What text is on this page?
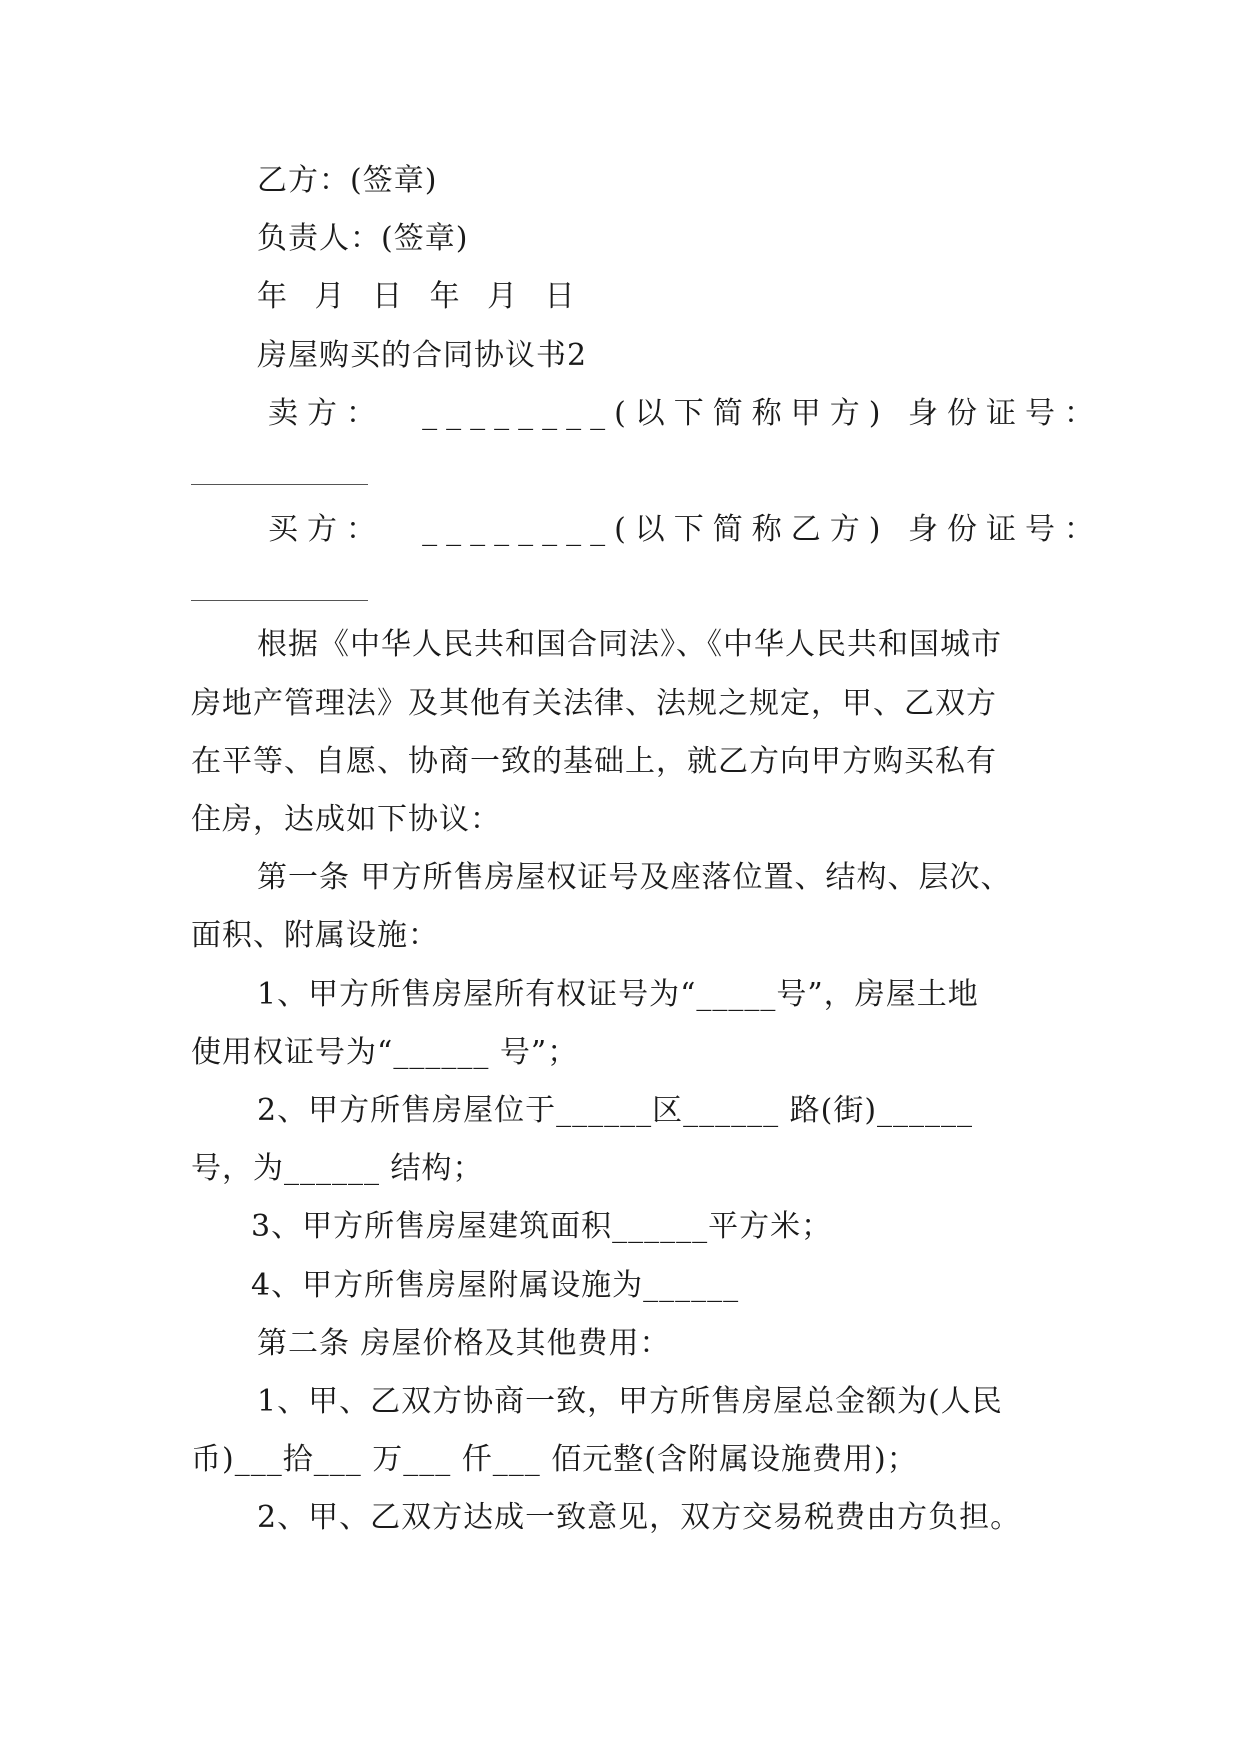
乙方：(签章)
负责人：(签章)
年 月 日 年 月 日
房屋购买的合同协议书2
卖方：  ________(以下简称甲方) 身份证号：
买方：  ________(以下简称乙方) 身份证号：
根据《中华人民共和国合同法》、《中华人民共和国城市
房地产管理法》及其他有关法律、法规之规定，甲、乙双方
在平等、自愿、协商一致的基础上，就乙方向甲方购买私有
住房，达成如下协议：
第一条 甲方所售房屋权证号及座落位置、结构、层次、
面积、附属设施：
1、甲方所售房屋所有权证号为“_____号”，房屋土地
使用权证号为“______ 号”；
2、甲方所售房屋位于______区______ 路(街)______
号，为______ 结构；
3、甲方所售房屋建筑面积______平方米；
4、甲方所售房屋附属设施为______
第二条 房屋价格及其他费用：
1、甲、乙双方协商一致，甲方所售房屋总金额为(人民
币)___拾___ 万___ 仟___ 佰元整(含附属设施费用)；
2、甲、乙双方达成一致意见，双方交易税费由方负担。
